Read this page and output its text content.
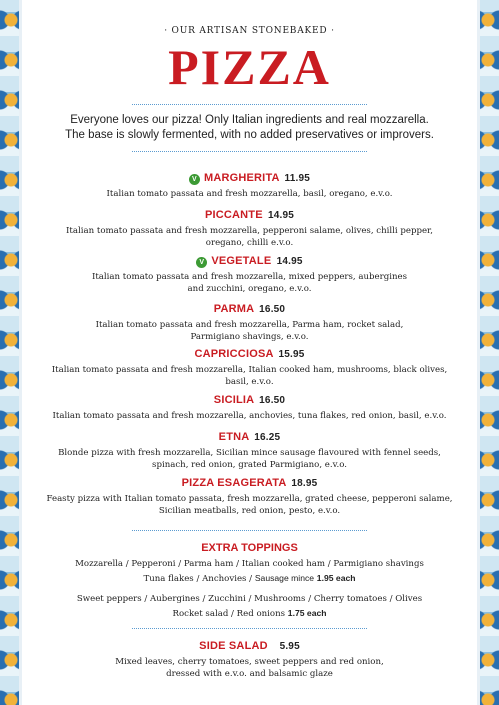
· OUR ARTISAN STONEBAKED ·
PIZZA
Everyone loves our pizza! Only Italian ingredients and real mozzarella.
The base is slowly fermented, with no added preservatives or improvers.
V MARGHERITA 11.95
Italian tomato passata and fresh mozzarella, basil, oregano, e.v.o.
PICCANTE 14.95
Italian tomato passata and fresh mozzarella, pepperoni salame, olives, chilli pepper,
oregano, chilli e.v.o.
V VEGETALE 14.95
Italian tomato passata and fresh mozzarella, mixed peppers, aubergines
and zucchini, oregano, e.v.o.
PARMA 16.50
Italian tomato passata and fresh mozzarella, Parma ham, rocket salad,
Parmigiano shavings, e.v.o.
CAPRICCIOSA 15.95
Italian tomato passata and fresh mozzarella, Italian cooked ham, mushrooms, black olives,
basil, e.v.o.
SICILIA 16.50
Italian tomato passata and fresh mozzarella, anchovies, tuna flakes, red onion, basil, e.v.o.
ETNA 16.25
Blonde pizza with fresh mozzarella, Sicilian mince sausage flavoured with fennel seeds,
spinach, red onion, grated Parmigiano, e.v.o.
PIZZA ESAGERATA 18.95
Feasty pizza with Italian tomato passata, fresh mozzarella, grated cheese, pepperoni salame,
Sicilian meatballs, red onion, pesto, e.v.o.
EXTRA TOPPINGS
Mozzarella / Pepperoni / Parma ham / Italian cooked ham / Parmigiano shavings
Tuna flakes / Anchovies / Sausage mince 1.95 each
Sweet peppers / Aubergines / Zucchini / Mushrooms / Cherry tomatoes / Olives
Rocket salad / Red onions 1.75 each
SIDE SALAD 5.95
Mixed leaves, cherry tomatoes, sweet peppers and red onion,
dressed with e.v.o. and balsamic glaze
